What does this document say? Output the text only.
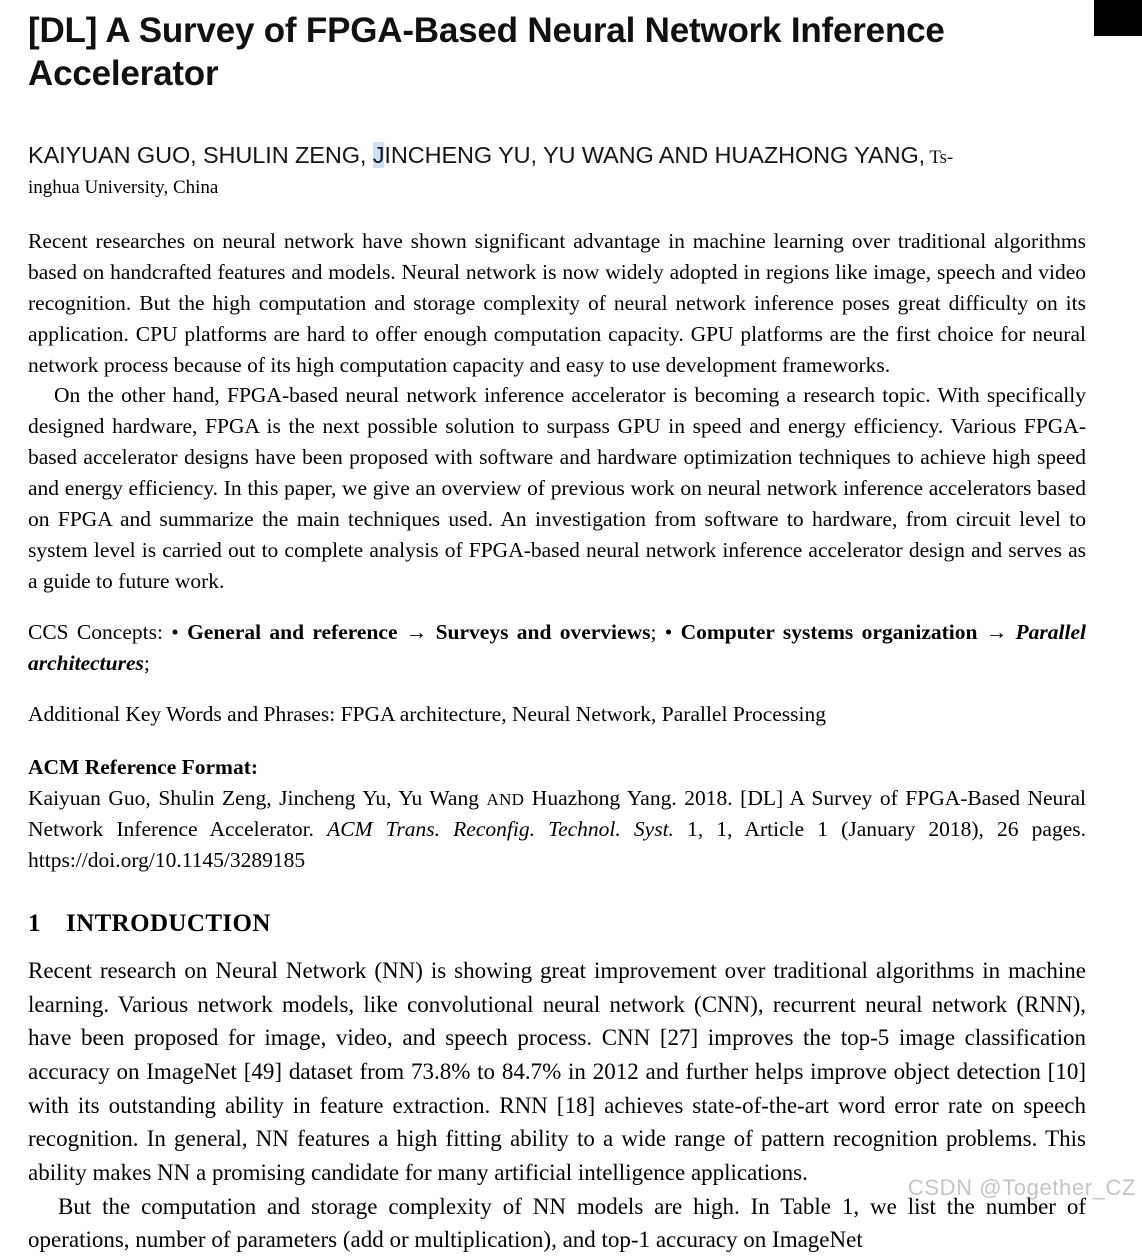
[DL] A Survey of FPGA-Based Neural Network Inference Accelerator
KAIYUAN GUO, SHULIN ZENG, JINCHENG YU, YU WANG AND HUAZHONG YANG, Ts-
inghua University, China

Recent researches on neural network have shown significant advantage in machine learning over traditional algorithms based on handcrafted features and models. Neural network is now widely adopted in regions like image, speech and video recognition. But the high computation and storage complexity of neural network inference poses great difficulty on its application. CPU platforms are hard to offer enough computation capacity. GPU platforms are the first choice for neural network process because of its high computation capacity and easy to use development frameworks.

On the other hand, FPGA-based neural network inference accelerator is becoming a research topic. With specifically designed hardware, FPGA is the next possible solution to surpass GPU in speed and energy efficiency. Various FPGA-based accelerator designs have been proposed with software and hardware optimization techniques to achieve high speed and energy efficiency. In this paper, we give an overview of previous work on neural network inference accelerators based on FPGA and summarize the main techniques used. An investigation from software to hardware, from circuit level to system level is carried out to complete analysis of FPGA-based neural network inference accelerator design and serves as a guide to future work.

CCS Concepts: • General and reference → Surveys and overviews; • Computer systems organization → Parallel architectures;
Additional Key Words and Phrases: FPGA architecture, Neural Network, Parallel Processing
ACM Reference Format:
Kaiyuan Guo, Shulin Zeng, Jincheng Yu, Yu Wang AND Huazhong Yang. 2018. [DL] A Survey of FPGA-Based Neural Network Inference Accelerator. ACM Trans. Reconfig. Technol. Syst. 1, 1, Article 1 (January 2018), 26 pages. https://doi.org/10.1145/3289185
1 INTRODUCTION

Recent research on Neural Network (NN) is showing great improvement over traditional algorithms in machine learning. Various network models, like convolutional neural network (CNN), recurrent neural network (RNN), have been proposed for image, video, and speech process. CNN [27] improves the top-5 image classification accuracy on ImageNet [49] dataset from 73.8% to 84.7% in 2012 and further helps improve object detection [10] with its outstanding ability in feature extraction. RNN [18] achieves state-of-the-art word error rate on speech recognition. In general, NN features a high fitting ability to a wide range of pattern recognition problems. This ability makes NN a promising candidate for many artificial intelligence applications.

But the computation and storage complexity of NN models are high. In Table 1, we list the number of operations, number of parameters (add or multiplication), and top-1 accuracy on ImageNet

CSDN @Together_CZ
